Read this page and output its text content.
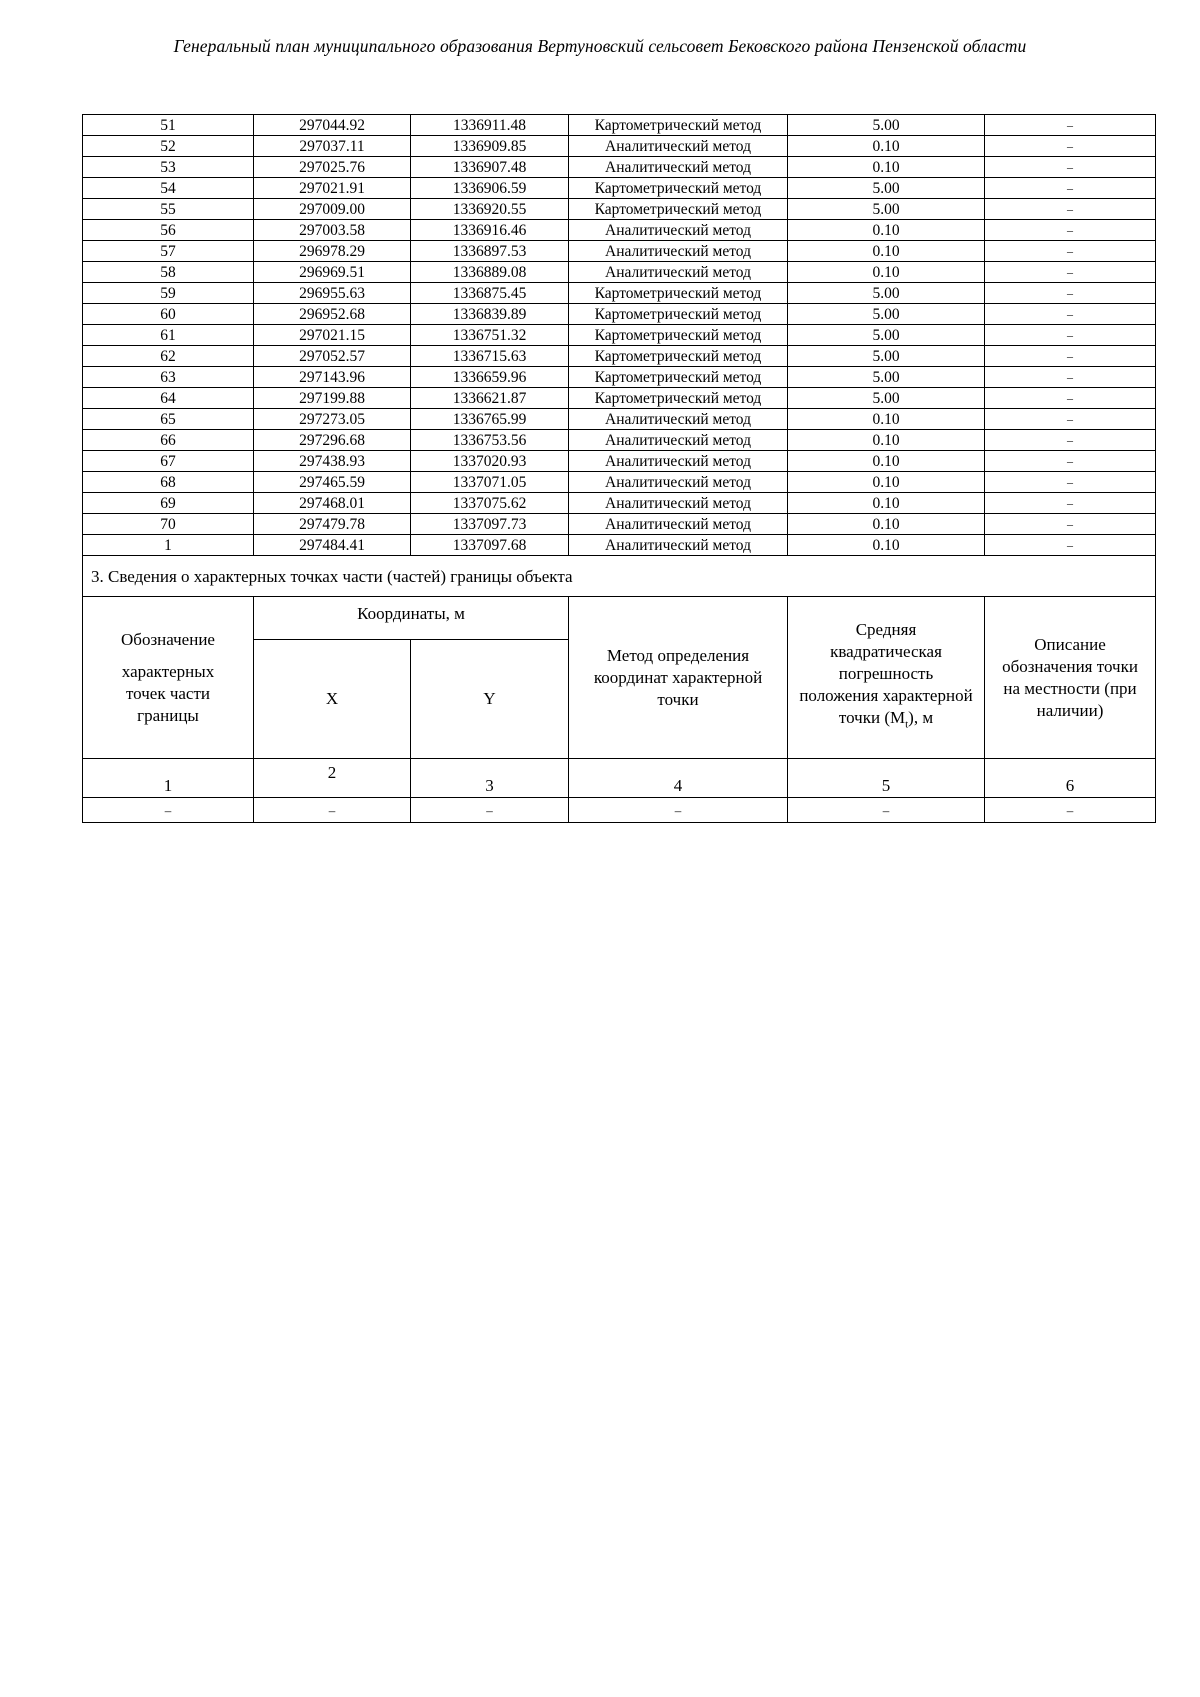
Генеральный план муниципального образования Вертуновский сельсовет Бековского района Пензенской области
51	297044.92	1336911.48	Картометрический метод	5.00	–
52	297037.11	1336909.85	Аналитический метод	0.10	–
53	297025.76	1336907.48	Аналитический метод	0.10	–
54	297021.91	1336906.59	Картометрический метод	5.00	–
55	297009.00	1336920.55	Картометрический метод	5.00	–
56	297003.58	1336916.46	Аналитический метод	0.10	–
57	296978.29	1336897.53	Аналитический метод	0.10	–
58	296969.51	1336889.08	Аналитический метод	0.10	–
59	296955.63	1336875.45	Картометрический метод	5.00	–
60	296952.68	1336839.89	Картометрический метод	5.00	–
61	297021.15	1336751.32	Картометрический метод	5.00	–
62	297052.57	1336715.63	Картометрический метод	5.00	–
63	297143.96	1336659.96	Картометрический метод	5.00	–
64	297199.88	1336621.87	Картометрический метод	5.00	–
65	297273.05	1336765.99	Аналитический метод	0.10	–
66	297296.68	1336753.56	Аналитический метод	0.10	–
67	297438.93	1337020.93	Аналитический метод	0.10	–
68	297465.59	1337071.05	Аналитический метод	0.10	–
69	297468.01	1337075.62	Аналитический метод	0.10	–
70	297479.78	1337097.73	Аналитический метод	0.10	–
1	297484.41	1337097.68	Аналитический метод	0.10	–
3. Сведения о характерных точках части (частей) границы объекта					

Обозначение
характерных точек части границы	Координаты, м		Метод определения координат характерной точки	Средняя квадратическая погрешность положения характерной точки $(M_t)$, м	Описание обозначения точки на местности (при наличии)

	X	Y			
1	2	3	4	5	6
–	–	–	–	–	–
